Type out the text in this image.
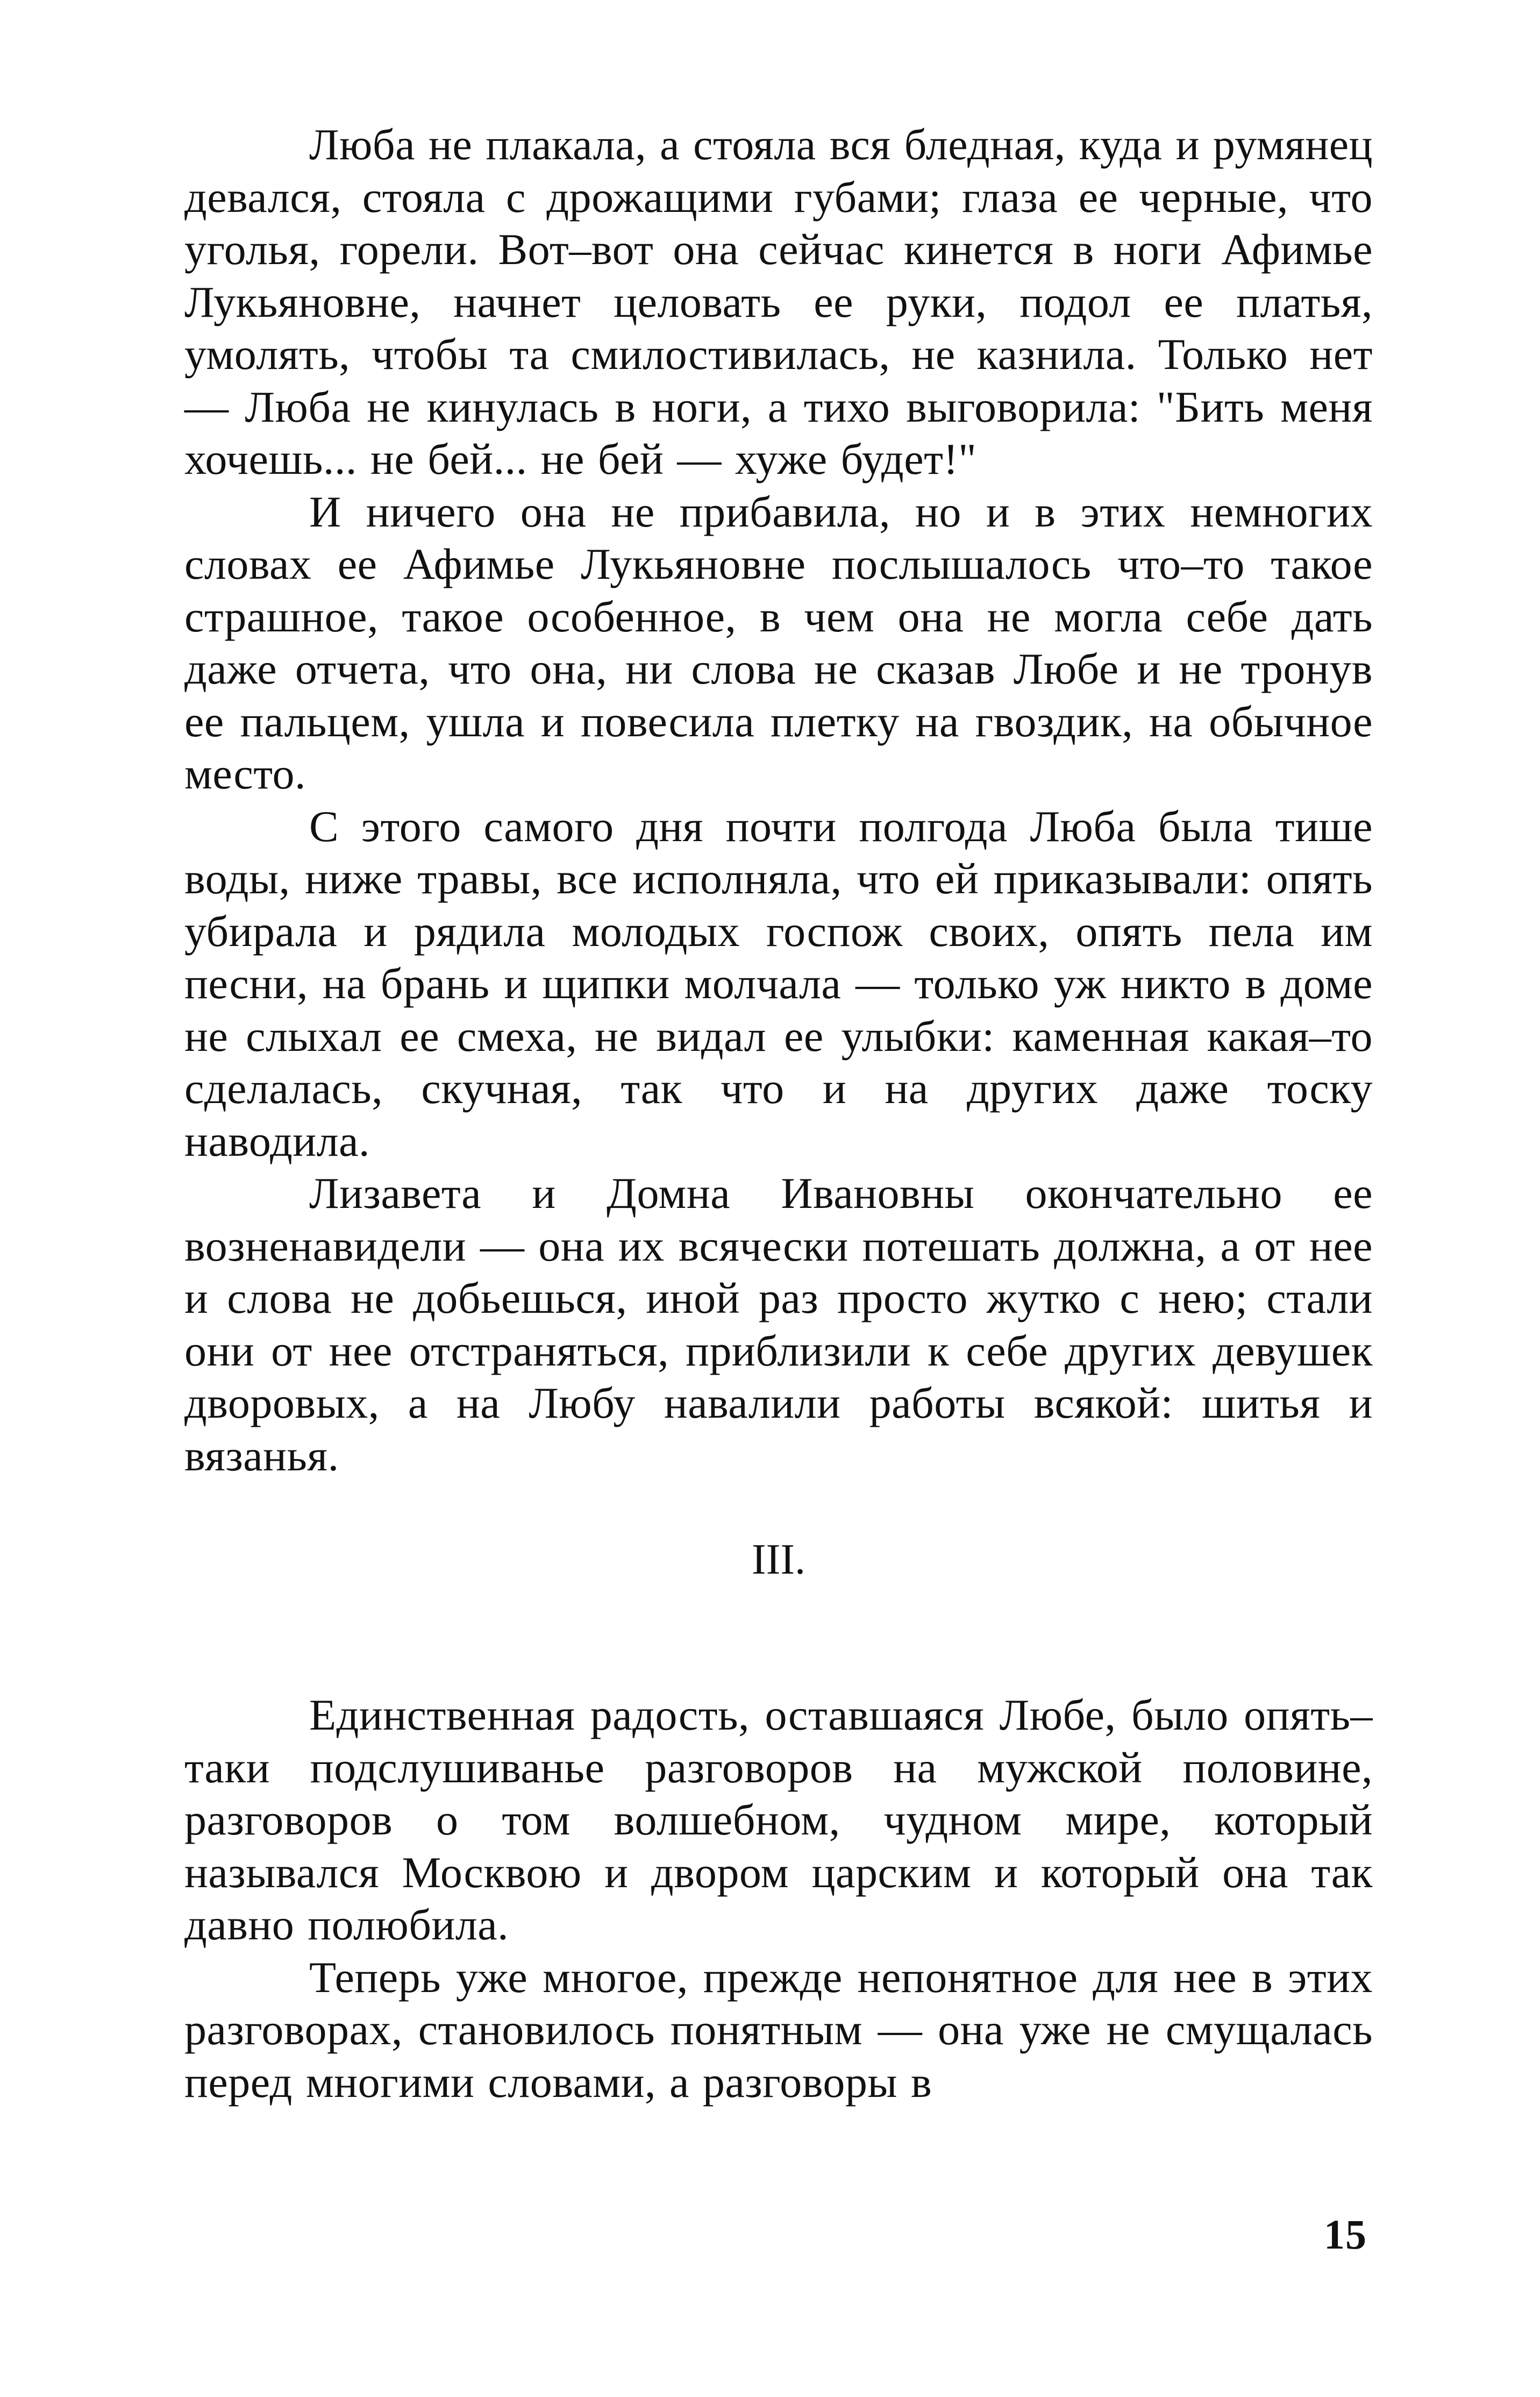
Люба не плакала, а стояла вся бледная, куда и румянец девался, стояла с дрожащими губами; глаза ее черные, что уголья, горели. Вот–вот она сейчас кинется в ноги Афимье Лукьяновне, начнет целовать ее руки, подол ее платья, умолять, чтобы та смилостивилась, не казнила. Только нет — Люба не кинулась в ноги, а тихо выговорила: "Бить меня хочешь... не бей... не бей — хуже будет!"

И ничего она не прибавила, но и в этих немногих словах ее Афимье Лукьяновне послышалось что–то такое страшное, такое особенное, в чем она не могла себе дать даже отчета, что она, ни слова не сказав Любе и не тронув ее пальцем, ушла и повесила плетку на гвоздик, на обычное место.

С этого самого дня почти полгода Люба была тише воды, ниже травы, все исполняла, что ей приказывали: опять убирала и рядила молодых госпож своих, опять пела им песни, на брань и щипки молчала — только уж никто в доме не слыхал ее смеха, не видал ее улыбки: каменная какая–то сделалась, скучная, так что и на других даже тоску наводила.

Лизавета и Домна Ивановны окончательно ее возненавидели — она их всячески потешать должна, а от нее и слова не добьешься, иной раз просто жутко с нею; стали они от нее отстраняться, приблизили к себе других девушек дворовых, а на Любу навалили работы всякой: шитья и вязанья.

III.

Единственная радость, оставшаяся Любе, было опять–таки подслушиванье разговоров на мужской половине, разговоров о том волшебном, чудном мире, который назывался Москвою и двором царским и который она так давно полюбила.

Теперь уже многое, прежде непонятное для нее в этих разговорах, становилось понятным — она уже не смущалась перед многими словами, а разговоры в

15
